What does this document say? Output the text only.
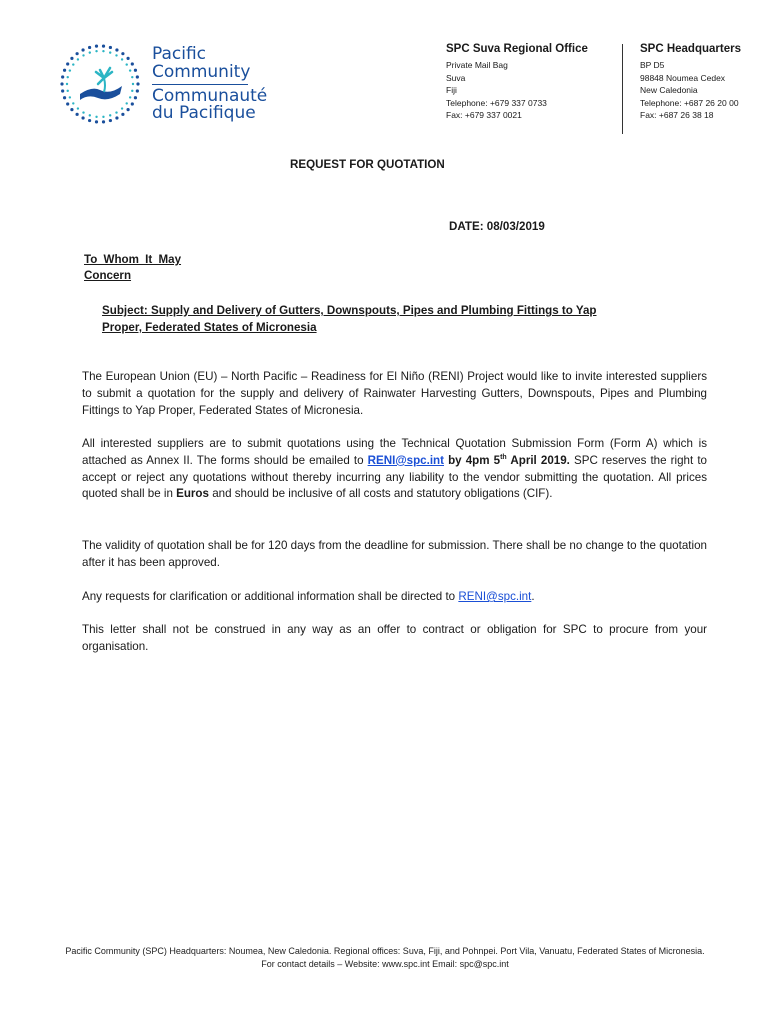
Pacific
Community
Communauté
du Pacifique
SPC Suva Regional Office
Private Mail Bag
Suva
Fiji
Telephone: +679 337 0733
Fax: +679 337 0021
SPC Headquarters
BP D5
98848 Noumea Cedex
New Caledonia
Telephone: +687 26 20 00
Fax: +687 26 38 18
REQUEST FOR QUOTATION
DATE: 08/03/2019
To Whom It May Concern
Subject: Supply and Delivery of Gutters, Downspouts, Pipes and Plumbing Fittings to Yap Proper, Federated States of Micronesia

The European Union (EU) – North Pacific – Readiness for El Niño (RENI) Project would like to invite interested suppliers to submit a quotation for the supply and delivery of Rainwater Harvesting Gutters, Downspouts, Pipes and Plumbing Fittings to Yap Proper, Federated States of Micronesia.

All interested suppliers are to submit quotations using the Technical Quotation Submission Form (Form A) which is attached as Annex II. The forms should be emailed to RENI@spc.int by 4pm 5th April 2019. SPC reserves the right to accept or reject any quotations without thereby incurring any liability to the vendor submitting the quotation. All prices quoted shall be in Euros and should be inclusive of all costs and statutory obligations (CIF).

The validity of quotation shall be for 120 days from the deadline for submission. There shall be no change to the quotation after it has been approved.

Any requests for clarification or additional information shall be directed to RENI@spc.int.

This letter shall not be construed in any way as an offer to contract or obligation for SPC to procure from your organisation.

Pacific Community (SPC) Headquarters: Noumea, New Caledonia. Regional offices: Suva, Fiji, and Pohnpei. Port Vila, Vanuatu, Federated States of Micronesia.
For contact details – Website: www.spc.int Email: spc@spc.int
